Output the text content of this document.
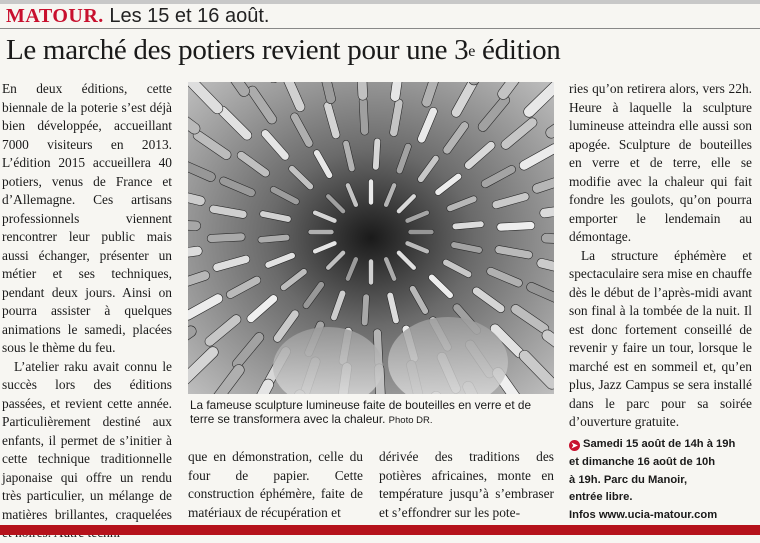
MATOUR. Les 15 et 16 août.
Le marché des potiers revient pour une 3e édition

En deux éditions, cette biennale de la poterie s’est déjà bien développée, accueillant 7000 visiteurs en 2013. L’édition 2015 accueillera 40 potiers, venus de France et d’Allemagne. Ces artisans professionnels viennent rencontrer leur public mais aussi échanger, présenter un métier et ses techniques, pendant deux jours. Ainsi on pourra assister à quelques animations le samedi, placées sous le thème du feu.

L’atelier raku avait connu le succès lors des éditions passées, et revient cette année. Particulièrement destiné aux enfants, il permet de s’initier à cette technique traditionnelle japonaise qui offre un rendu très particulier, un mélange de matières brillantes, craquelées

La fameuse sculpture lumineuse faite de bouteilles en verre et de terre se transformera avec la chaleur. Photo DR.

que en démonstration, celle du four de papier. Cette construction éphémère, faite de matériaux de récupération et

dérivée des traditions des potières africaines, monte en température jusqu’à s’embraser et s’effondrer sur les pote-

ries qu’on retirera alors, vers 22h. Heure à laquelle la sculpture lumineuse atteindra elle aussi son apogée. Sculpture de bouteilles en verre et de terre, elle se modifie avec la chaleur qui fait fondre les goulots, qu’on pourra emporter le lendemain au démontage.

La structure éphémère et spectaculaire sera mise en chauffe dès le début de l’après-midi avant son final à la tombée de la nuit. Il est donc fortement conseillé de revenir y faire un tour, lorsque le marché est en sommeil et, qu’en plus, Jazz Campus se sera installé dans le parc pour sa soirée d’ouverture gratuite.

➤ Samedi 15 août de 14h à 19h

et dimanche 16 août de 10h

à 19h. Parc du Manoir,

entrée libre.

Infos www.ucia-matour.com
